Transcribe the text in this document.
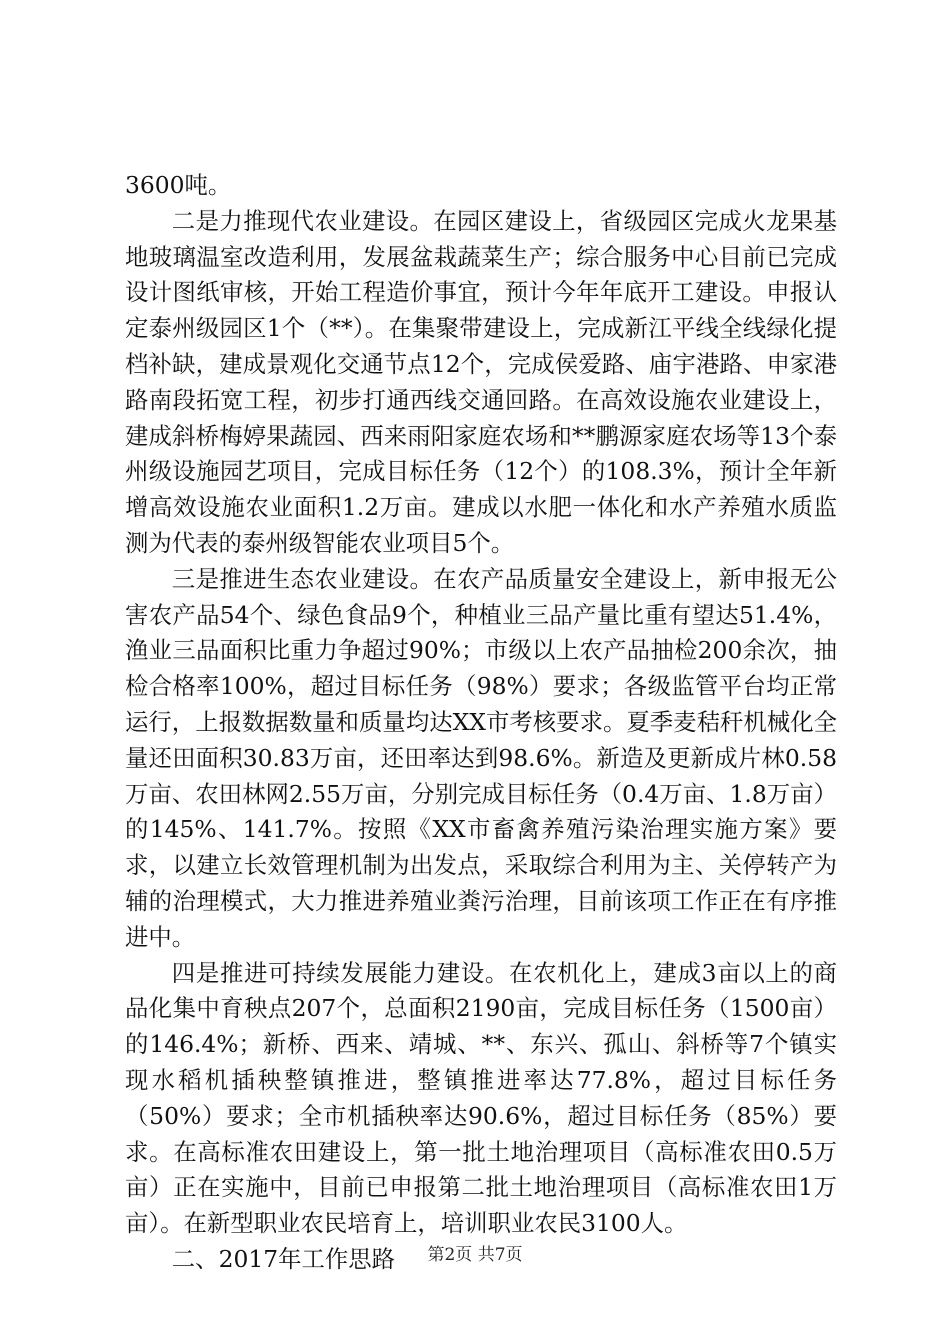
3600吨。

二是力推现代农业建设。在园区建设上，省级园区完成火龙果基地玻璃温室改造利用，发展盆栽蔬菜生产；综合服务中心目前已完成设计图纸审核，开始工程造价事宜，预计今年年底开工建设。申报认定泰州级园区1个（**）。在集聚带建设上，完成新江平线全线绿化提档补缺，建成景观化交通节点12个，完成侯爱路、庙宇港路、申家港路南段拓宽工程，初步打通西线交通回路。在高效设施农业建设上，建成斜桥梅婷果蔬园、西来雨阳家庭农场和**鹏源家庭农场等13个泰州级设施园艺项目，完成目标任务（12个）的108.3%，预计全年新增高效设施农业面积1.2万亩。建成以水肥一体化和水产养殖水质监测为代表的泰州级智能农业项目5个。

三是推进生态农业建设。在农产品质量安全建设上，新申报无公害农产品54个、绿色食品9个，种植业三品产量比重有望达51.4%，渔业三品面积比重力争超过90%；市级以上农产品抽检200余次，抽检合格率100%，超过目标任务（98%）要求；各级监管平台均正常运行，上报数据数量和质量均达XX市考核要求。夏季麦秸秆机械化全量还田面积30.83万亩，还田率达到98.6%。新造及更新成片林0.58万亩、农田林网2.55万亩，分别完成目标任务（0.4万亩、1.8万亩）的145%、141.7%。按照《XX市畜禽养殖污染治理实施方案》要求，以建立长效管理机制为出发点，采取综合利用为主、关停转产为辅的治理模式，大力推进养殖业粪污治理，目前该项工作正在有序推进中。

四是推进可持续发展能力建设。在农机化上，建成3亩以上的商品化集中育秧点207个，总面积2190亩，完成目标任务（1500亩）的146.4%；新桥、西来、靖城、**、东兴、孤山、斜桥等7个镇实现水稻机插秧整镇推进，整镇推进率达77.8%，超过目标任务（50%）要求；全市机插秧率达90.6%，超过目标任务（85%）要求。在高标准农田建设上，第一批土地治理项目（高标准农田0.5万亩）正在实施中，目前已申报第二批土地治理项目（高标准农田1万亩）。在新型职业农民培育上，培训职业农民3100人。

二、2017年工作思路	第2页 共7页
